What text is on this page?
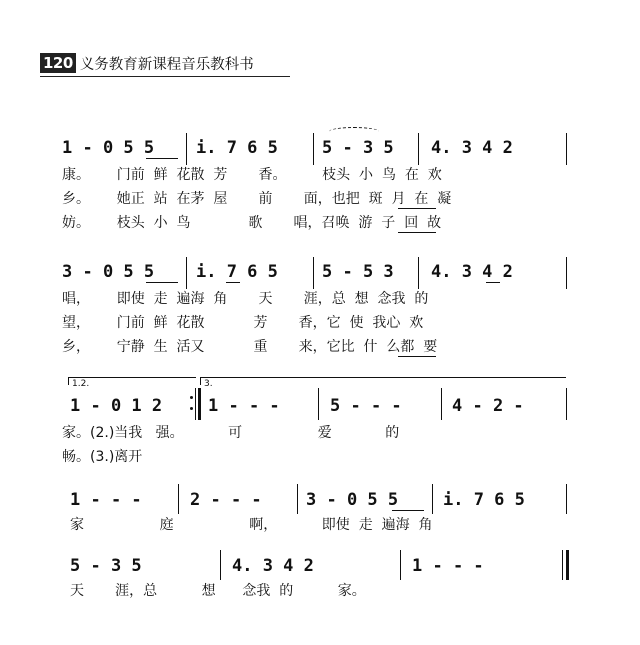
120 义务教育新课程音乐教科书
1 - 0 5 5 i. 7 6 5	5 - 3 5 4. 3 4 2
康。      门前  鲜  花散  芳       香。        枝头  小  鸟  在  欢
乡。      她正  站  在茅  屋       前       面，也把  斑  月  在  凝
妨。      枝头  小  鸟             歌       唱，召唤  游  子  回  故
3 - 0 5 5 i. 7 6 5	5 - 5 3 4. 3 4 2
唱，      即使  走  遍海  角       天       涯，总  想  念我  的
望，      门前  鲜  花散           芳       香，它  使  我心  欢
乡，      宁静  生  活又           重       来，它比  什  么都  要
1.2.	3.
1 - 0 1 2	1 - - -	5 - - -	4 - 2 -
家。(2.)当我   强。          可                 爱            的
畅。(3.)离开
1 - - -	2 - - -	3 - 0 5 5	i. 7 6 5
家                 庭                 啊，          即使  走  遍海  角
5 - 3 5	4. 3 4 2	1 - - -
天       涯，总          想      念我  的          家。
